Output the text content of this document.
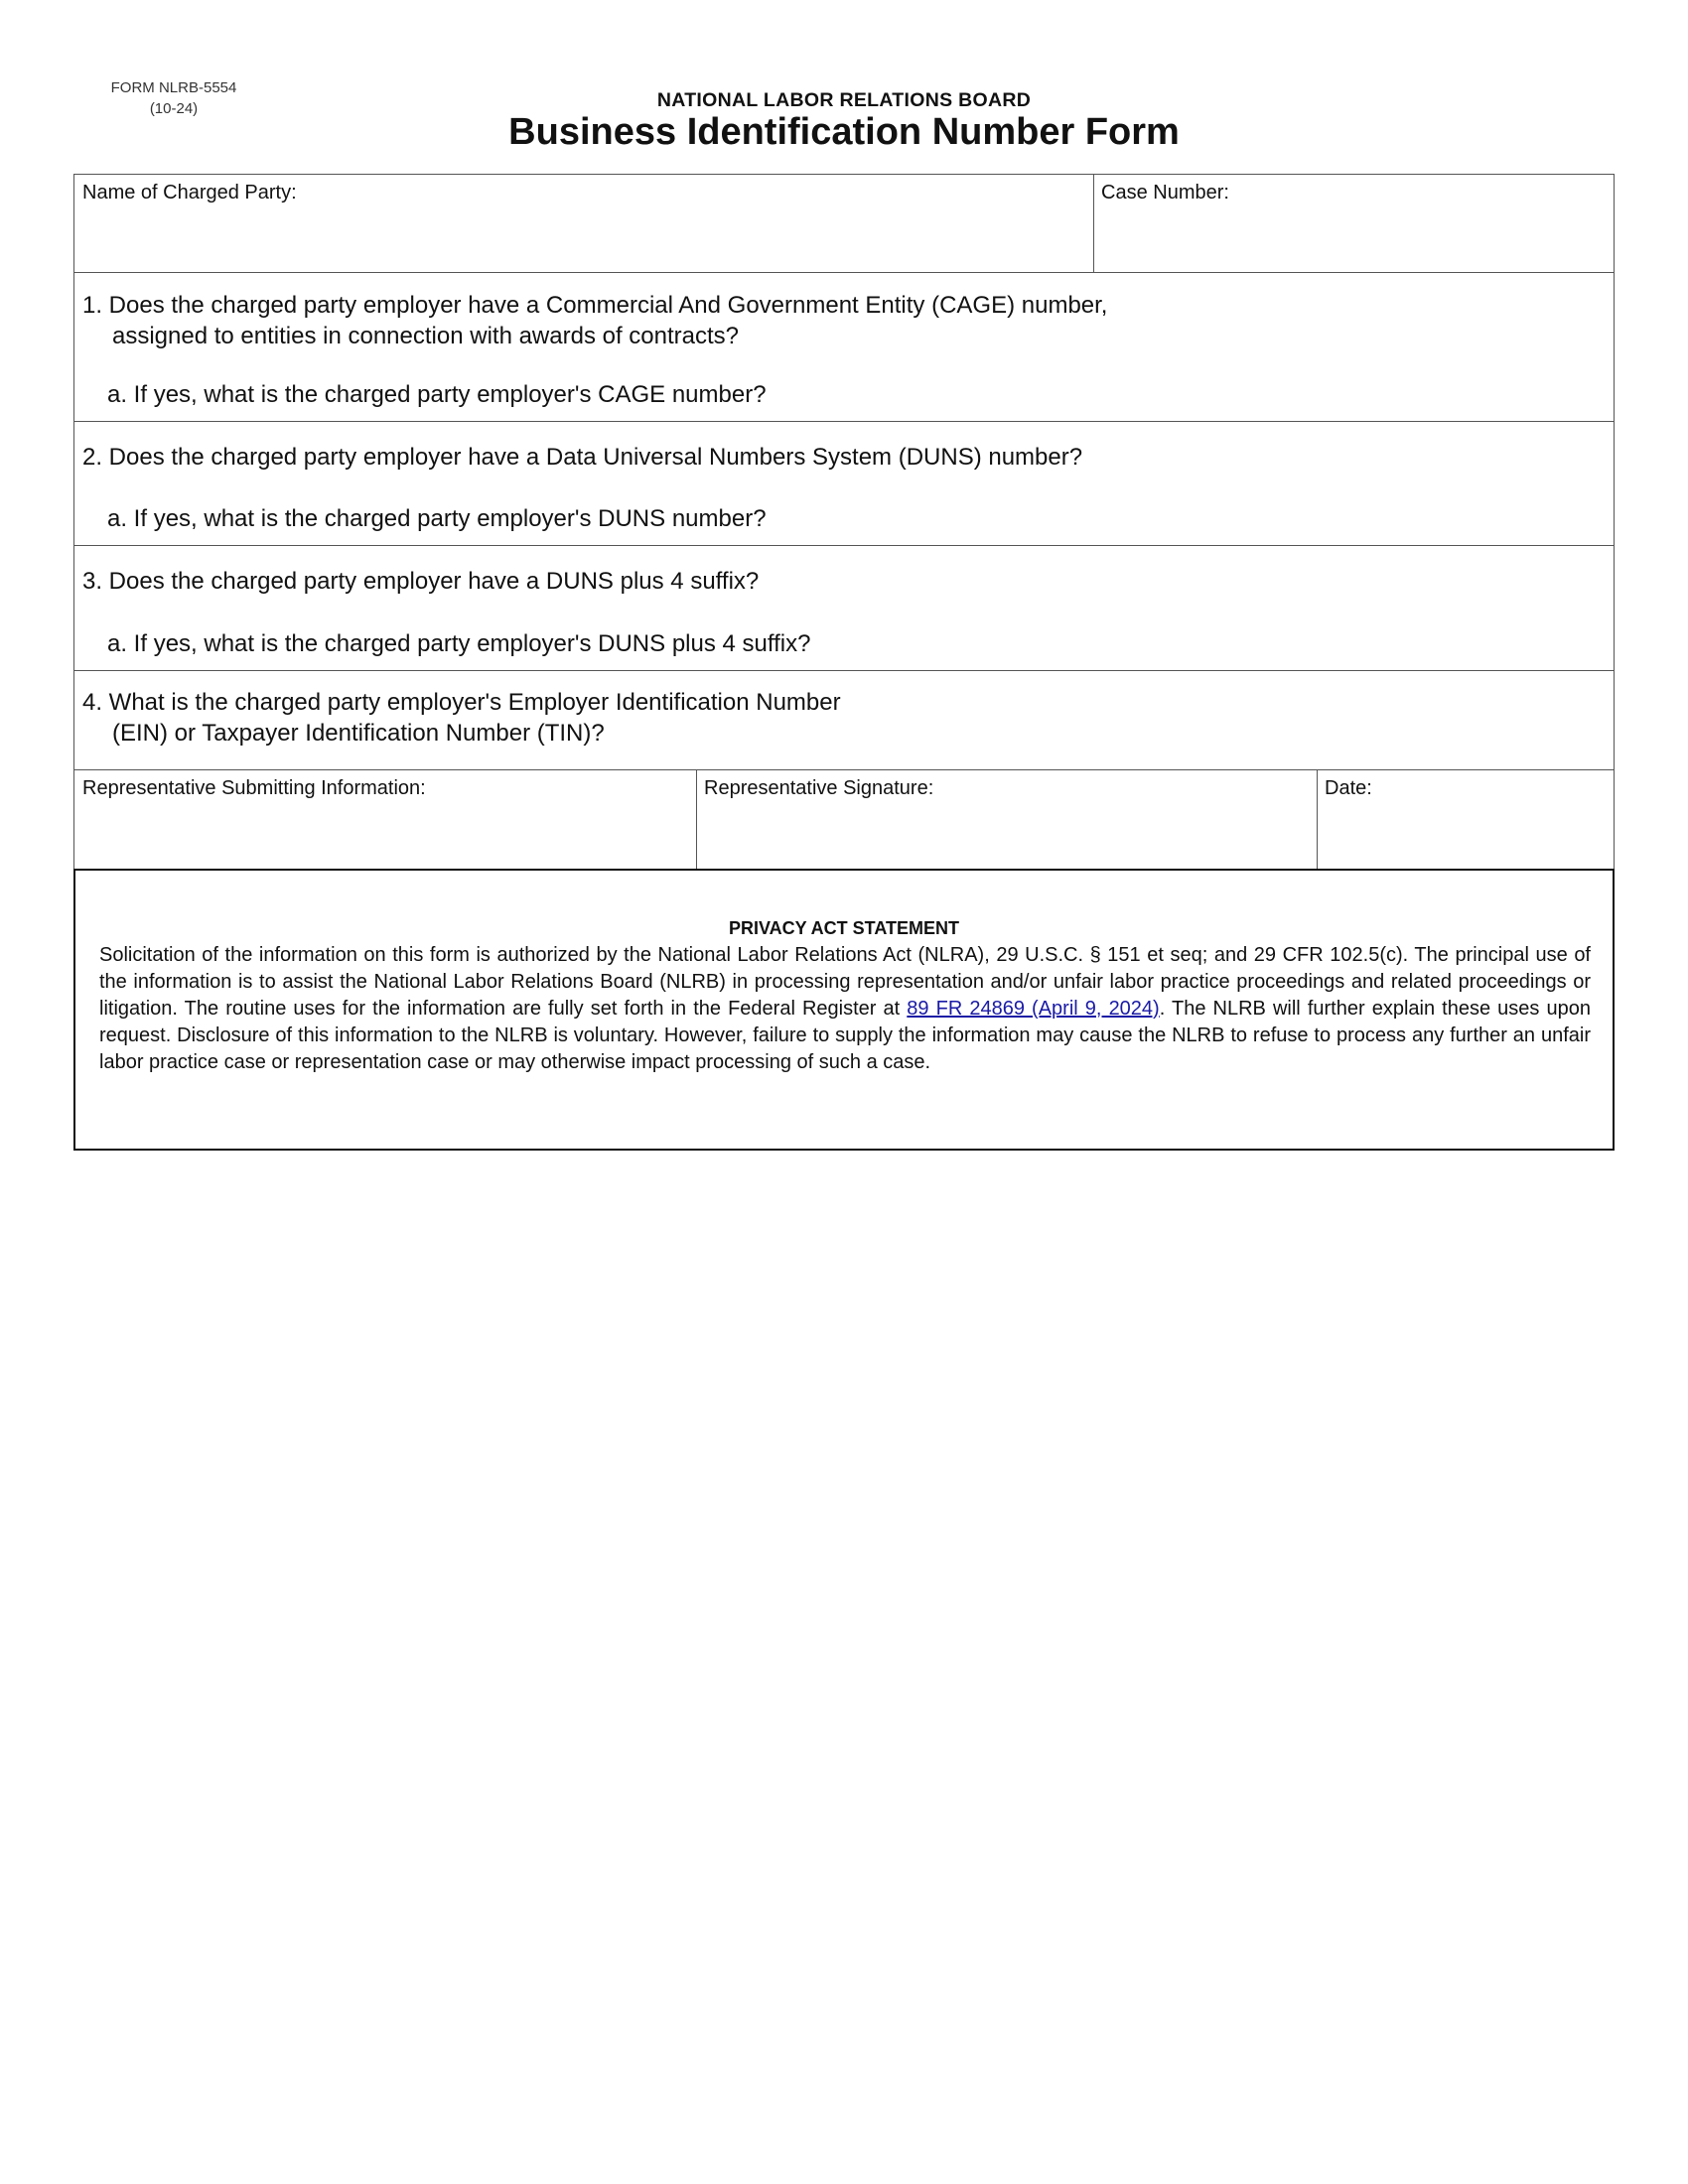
FORM NLRB-5554
(10-24)	NATIONAL LABOR RELATIONS BOARD
Business Identification Number Form
Name of Charged Party:	Case Number:
1. Does the charged party employer have a Commercial And Government Entity (CAGE) number,
assigned to entities in connection with awards of contracts?
a. If yes, what is the charged party employer's CAGE number?
2. Does the charged party employer have a Data Universal Numbers System (DUNS) number?
a. If yes, what is the charged party employer's DUNS number?
3. Does the charged party employer have a DUNS plus 4 suffix?
a. If yes, what is the charged party employer's DUNS plus 4 suffix?
4. What is the charged party employer's Employer Identification Number
(EIN) or Taxpayer Identification Number (TIN)?
Representative Submitting Information:	Representative Signature:	Date:
PRIVACY ACT STATEMENT
Solicitation of the information on this form is authorized by the National Labor Relations Act (NLRA), 29 U.S.C. § 151 et seq; and 29 CFR 102.5(c). The principal use of the information is to assist the National Labor Relations Board (NLRB) in processing representation and/or unfair labor practice proceedings and related proceedings or litigation. The routine uses for the information are fully set forth in the Federal Register at 89 FR 24869 (April 9, 2024). The NLRB will further explain these uses upon request. Disclosure of this information to the NLRB is voluntary. However, failure to supply the information may cause the NLRB to refuse to process any further an unfair labor practice case or representation case or may otherwise impact processing of such a case.
